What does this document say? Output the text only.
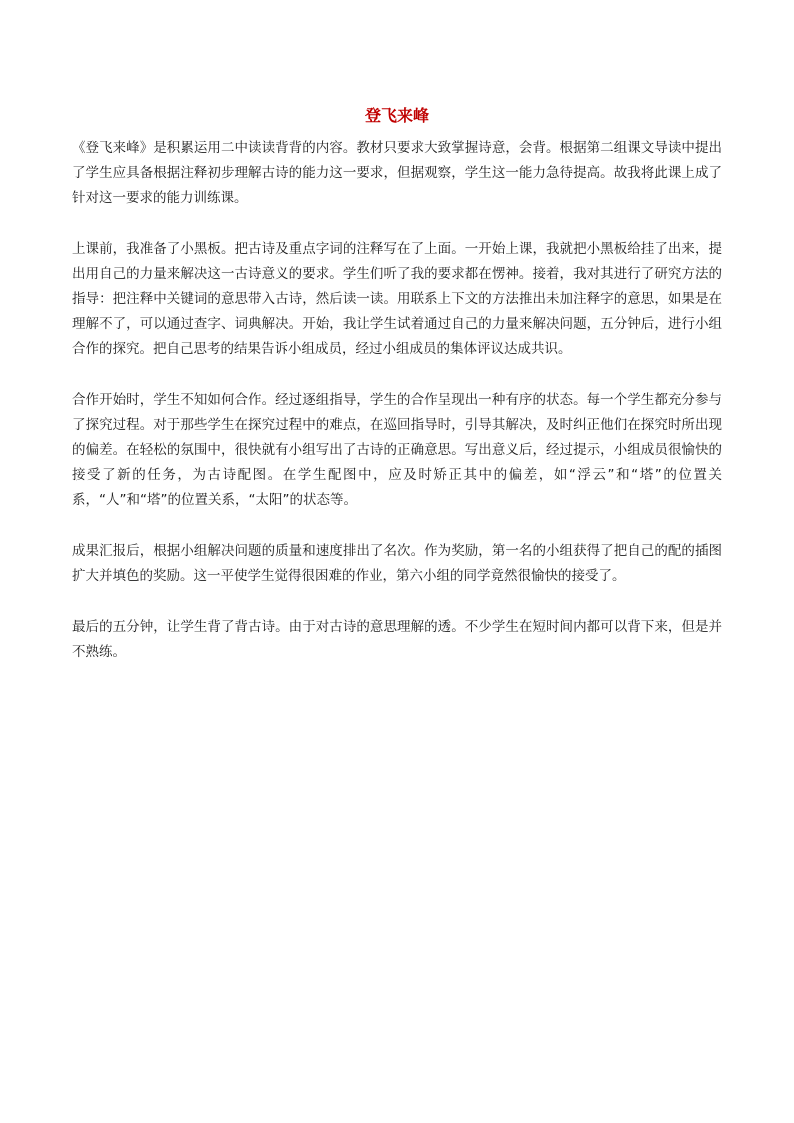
登飞来峰

《登飞来峰》是积累运用二中读读背背的内容。教材只要求大致掌握诗意，会背。根据第二组课文导读中提出了学生应具备根据注释初步理解古诗的能力这一要求，但据观察，学生这一能力急待提高。故我将此课上成了针对这一要求的能力训练课。

上课前，我准备了小黑板。把古诗及重点字词的注释写在了上面。一开始上课，我就把小黑板给挂了出来，提出用自己的力量来解决这一古诗意义的要求。学生们听了我的要求都在愣神。接着，我对其进行了研究方法的指导：把注释中关键词的意思带入古诗，然后读一读。用联系上下文的方法推出未加注释字的意思，如果是在理解不了，可以通过查字、词典解决。开始，我让学生试着通过自己的力量来解决问题，五分钟后，进行小组合作的探究。把自己思考的结果告诉小组成员，经过小组成员的集体评议达成共识。

合作开始时，学生不知如何合作。经过逐组指导，学生的合作呈现出一种有序的状态。每一个学生都充分参与了探究过程。对于那些学生在探究过程中的难点，在巡回指导时，引导其解决，及时纠正他们在探究时所出现的偏差。在轻松的氛围中，很快就有小组写出了古诗的正确意思。写出意义后，经过提示，小组成员很愉快的接受了新的任务，为古诗配图。在学生配图中，应及时矫正其中的偏差，如“浮云”和“塔”的位置关系，“人”和“塔”的位置关系，“太阳”的状态等。

成果汇报后，根据小组解决问题的质量和速度排出了名次。作为奖励，第一名的小组获得了把自己的配的插图扩大并填色的奖励。这一平使学生觉得很困难的作业，第六小组的同学竟然很愉快的接受了。

最后的五分钟，让学生背了背古诗。由于对古诗的意思理解的透。不少学生在短时间内都可以背下来，但是并不熟练。
